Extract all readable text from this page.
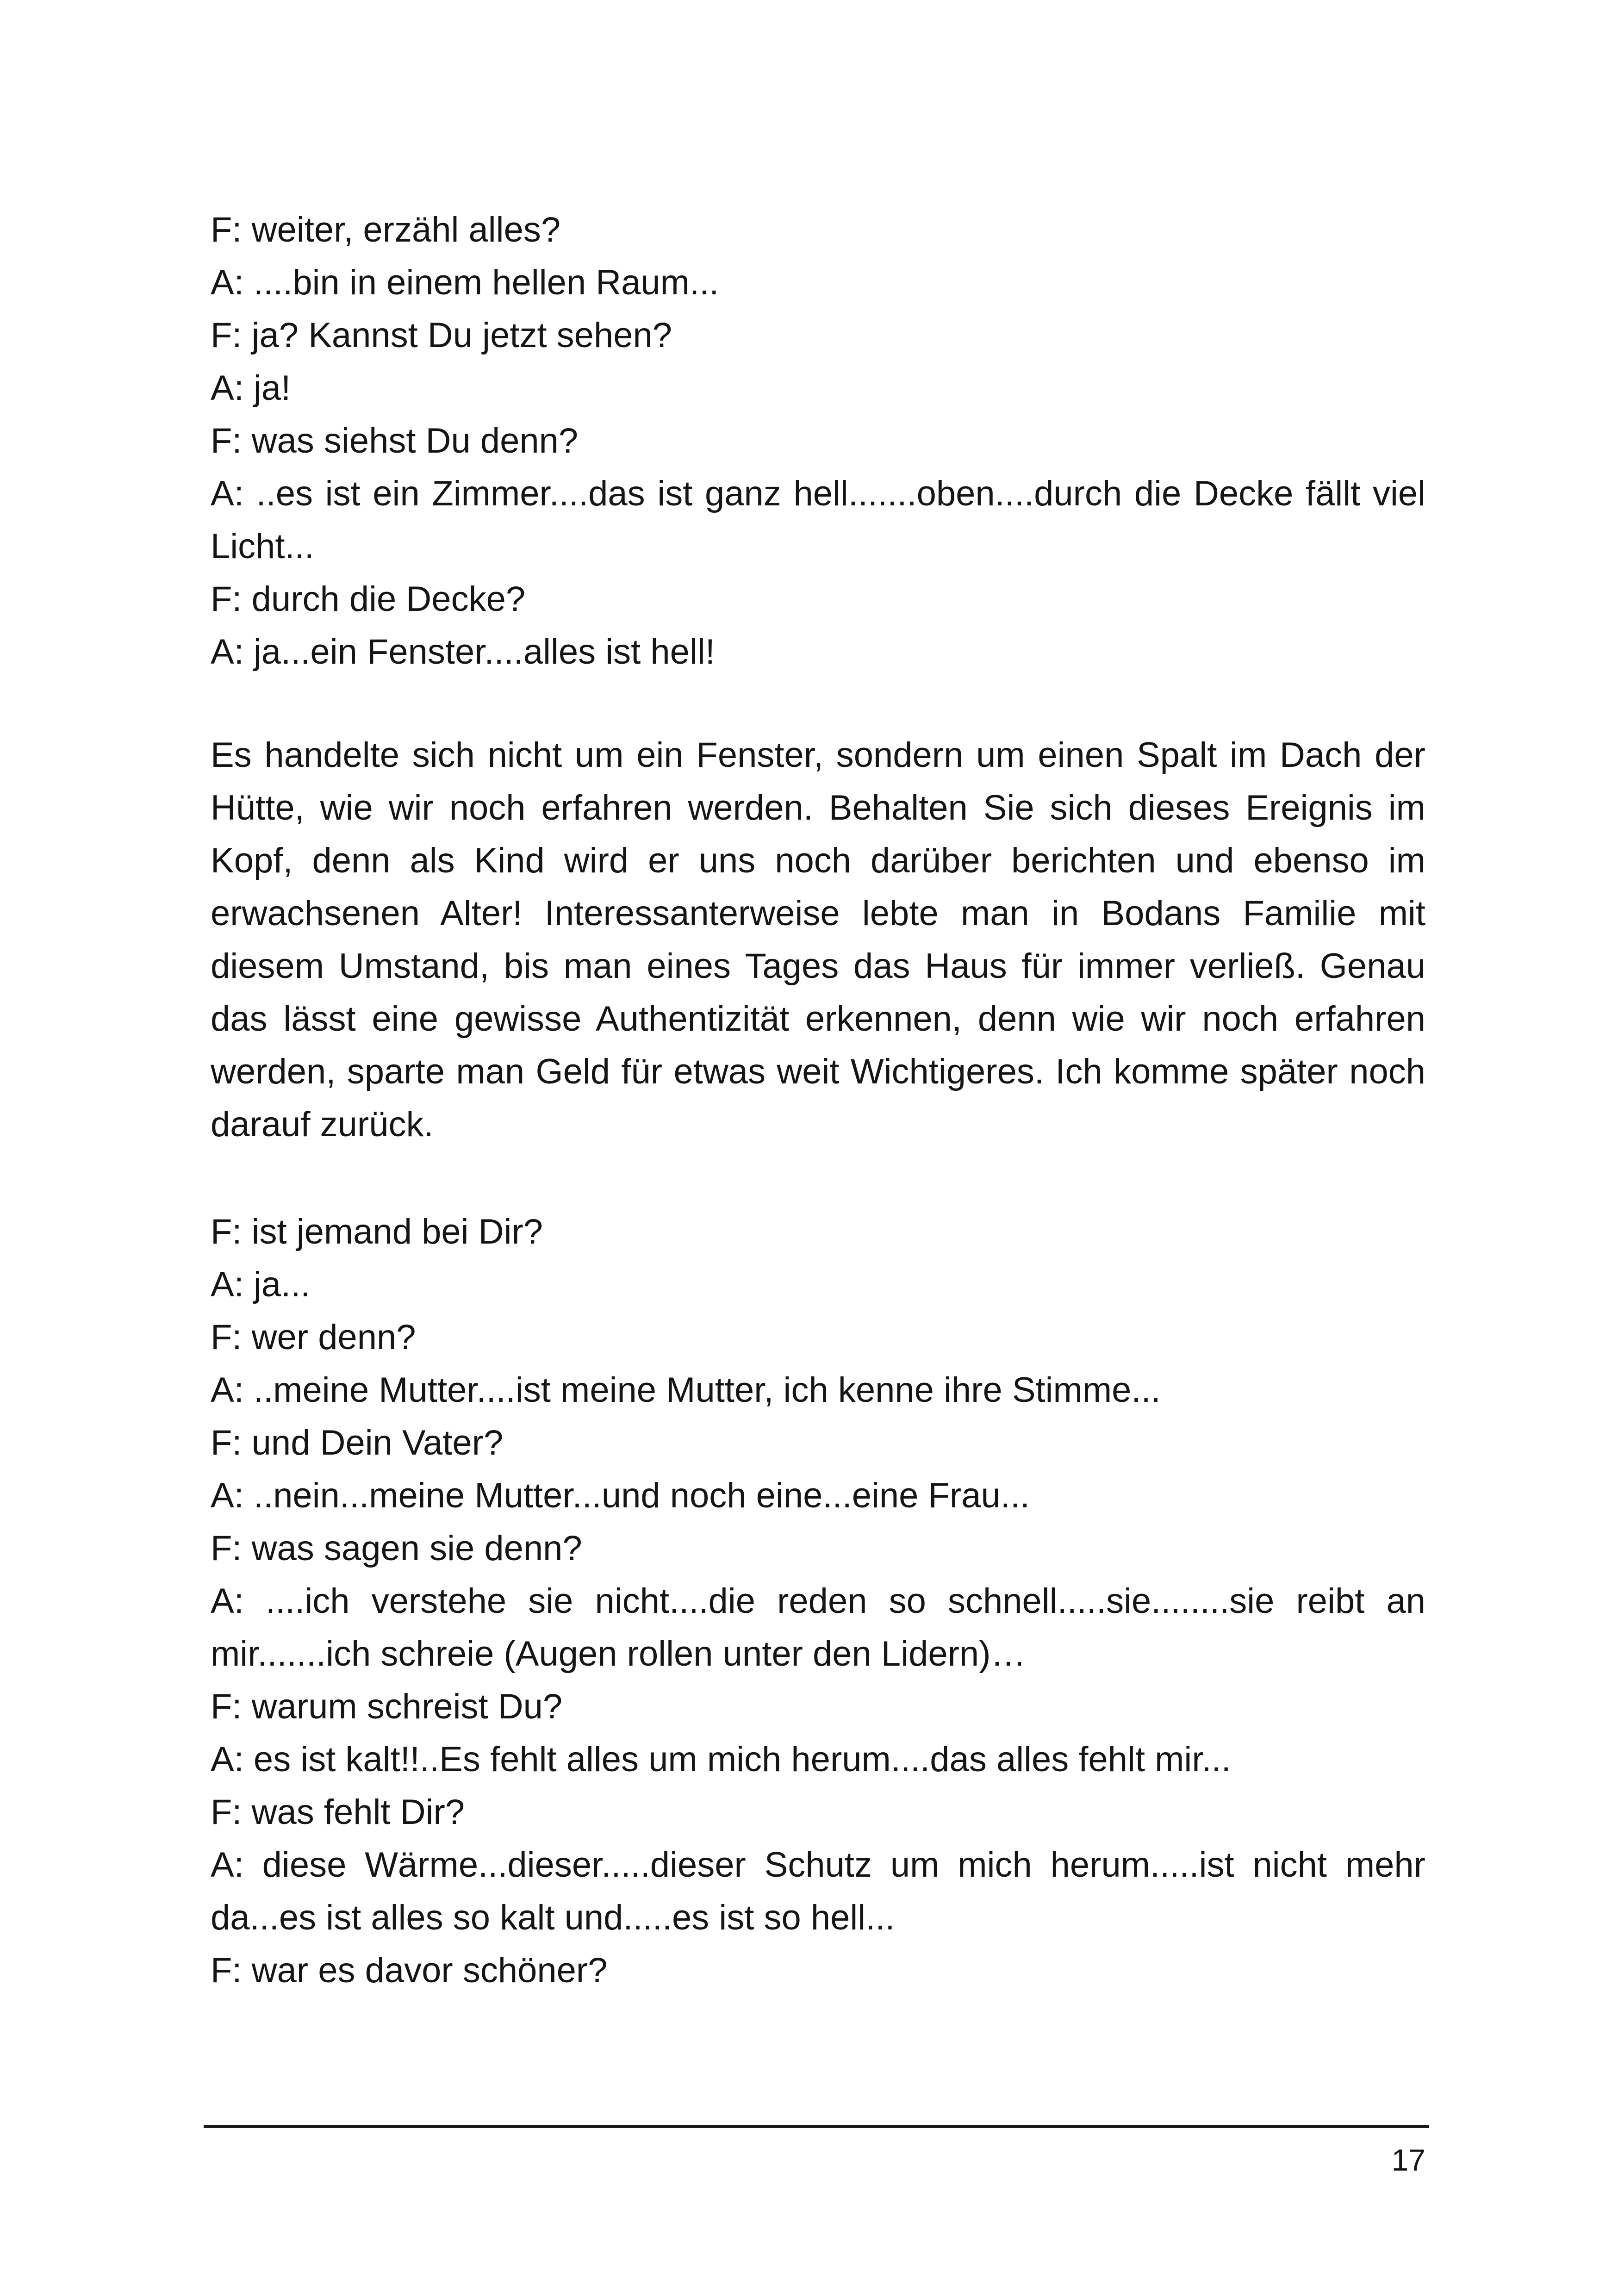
F: weiter, erzähl alles?

A: ....bin in einem hellen Raum...

F: ja? Kannst Du jetzt sehen?

A: ja!

F: was siehst Du denn?

A: ..es ist ein Zimmer....das ist ganz hell.......oben....durch die Decke fällt viel Licht...

F: durch die Decke?

A: ja...ein Fenster....alles ist hell!

Es handelte sich nicht um ein Fenster, sondern um einen Spalt im Dach der Hütte, wie wir noch erfahren werden. Behalten Sie sich dieses Ereignis im Kopf, denn als Kind wird er uns noch darüber berichten und ebenso im erwachsenen Alter! Interessanterweise lebte man in Bodans Familie mit diesem Umstand, bis man eines Tages das Haus für immer verließ. Genau das lässt eine gewisse Authentizität erkennen, denn wie wir noch erfahren werden, sparte man Geld für etwas weit Wichtigeres. Ich komme später noch darauf zurück.

F: ist jemand bei Dir?

A: ja...

F: wer denn?

A: ..meine Mutter....ist meine Mutter, ich kenne ihre Stimme...

F: und Dein Vater?

A: ..nein...meine Mutter...und noch eine...eine Frau...

F: was sagen sie denn?

A: ....ich verstehe sie nicht....die reden so schnell.....sie........sie reibt an mir.......ich schreie (Augen rollen unter den Lidern)…

F: warum schreist Du?

A: es ist kalt!!..Es fehlt alles um mich herum....das alles fehlt mir...

F: was fehlt Dir?

A: diese Wärme...dieser.....dieser Schutz um mich herum.....ist nicht mehr da...es ist alles so kalt und.....es ist so hell...

F: war es davor schöner?

17
